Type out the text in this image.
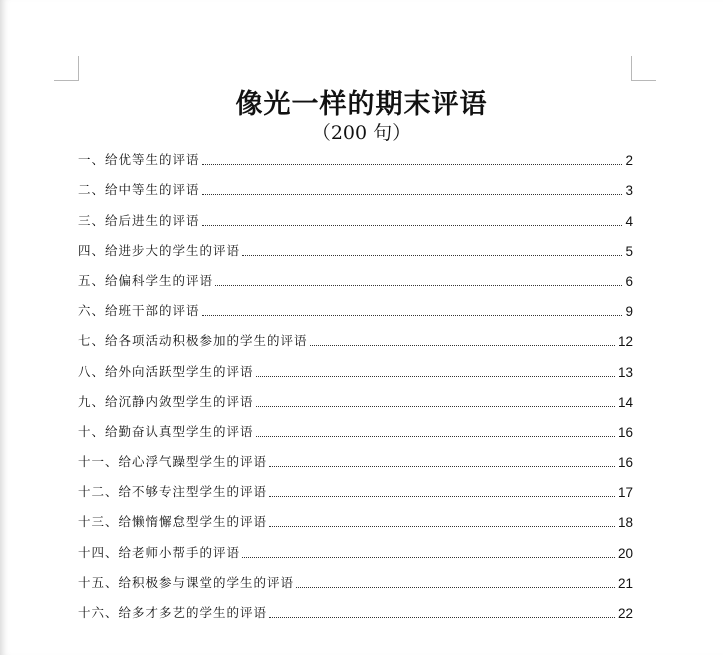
像光一样的期末评语
（200 句）
一、给优等生的评语	2
二、给中等生的评语	3
三、给后进生的评语	4
四、给进步大的学生的评语	5
五、给偏科学生的评语	6
六、给班干部的评语	9
七、给各项活动积极参加的学生的评语	12
八、给外向活跃型学生的评语	13
九、给沉静内敛型学生的评语	14
十、给勤奋认真型学生的评语	16
十一、给心浮气躁型学生的评语	16
十二、给不够专注型学生的评语	17
十三、给懒惰懈怠型学生的评语	18
十四、给老师小帮手的评语	20
十五、给积极参与课堂的学生的评语	21
十六、给多才多艺的学生的评语	22
